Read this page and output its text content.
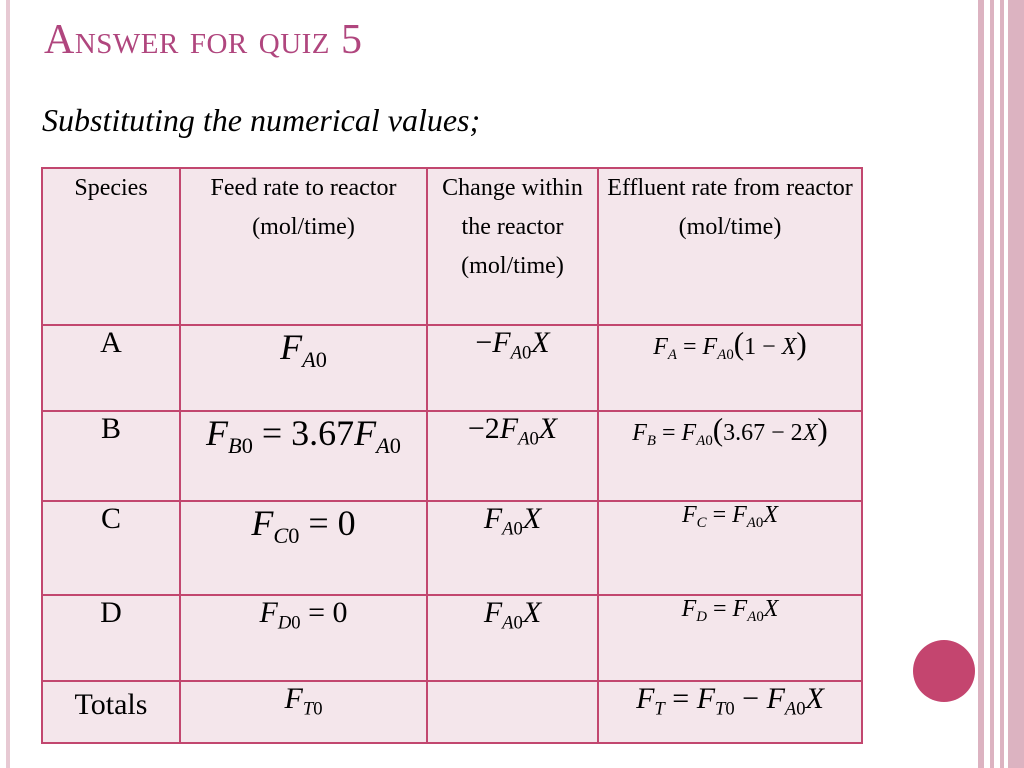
Answer for quiz 5
Substituting the numerical values;
Species	Feed rate to reactor (mol/time)	Change within the reactor (mol/time)	Effluent rate from reactor (mol/time)
A	$F_{A0}$	$-F_{A0}X$	$F_A = F_{A0}(1 - X)$
B	$F_{B0} = 3.67F_{A0}$	$-2F_{A0}X$	$F_B = F_{A0}(3.67 - 2X)$
C	$F_{C0} = 0$	$F_{A0}X$	$F_C = F_{A0}X$
D	$F_{D0} = 0$	$F_{A0}X$	$F_D = F_{A0}X$
Totals	$F_{T0}$		$F_T = F_{T0} - F_{A0}X$
